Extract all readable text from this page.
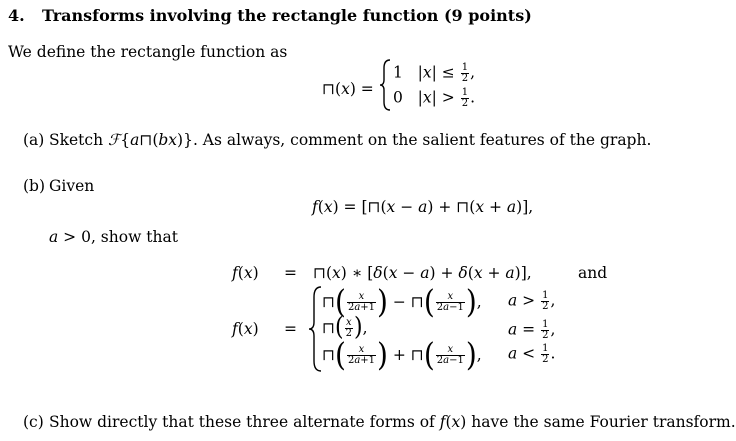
4. Transforms involving the rectangle function (9 points)
We define the rectangle function as
⊓(x) =
1 $|x| \le \frac{1}{2}$ ,
0 $|x| > \frac{1}{2}$ .
(a) Sketch ℱ{a⊓(bx)}. As always, comment on the salient features of the graph.
(b) Given
f(x) = [⊓(x − a) + ⊓(x + a)],
a > 0, show that
f(x) = ⊓(x) ∗ [δ(x − a) + δ(x + a)],	and
f(x) =
⊓ ( $\frac{x}{2a+1}$ ) − ⊓ ( $\frac{x}{2a-1}$ ) , $a > \frac{1}{2}$ ,
⊓ ( $\frac{x}{2}$ ) ,	$a = \frac{1}{2}$ ,
⊓ ( $\frac{x}{2a+1}$ ) + ⊓ ( $\frac{x}{2a-1}$ ) , $a < \frac{1}{2}$ .
(c) Show directly that these three alternate forms of f(x) have the same Fourier transform.
